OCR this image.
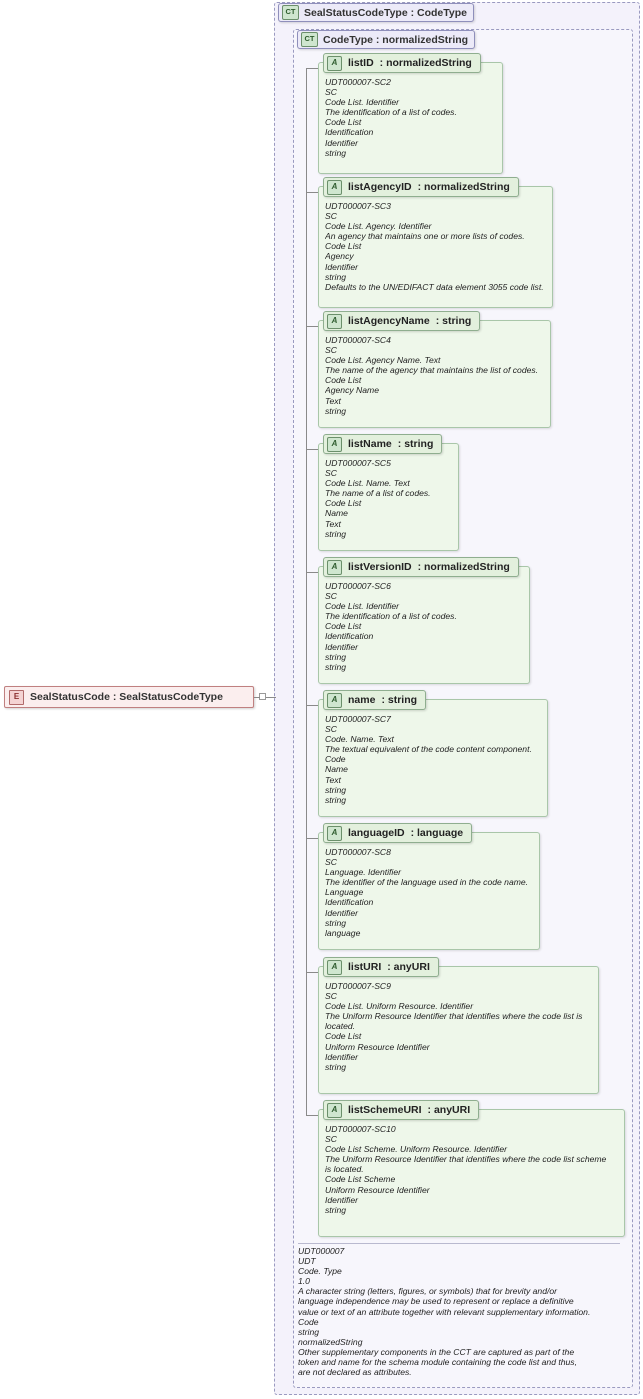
CT SealStatusCodeType : CodeType
CT CodeType : normalizedString
E	SealStatusCode : SealStatusCodeType
A	listID : normalizedString
UDT000007-SC2
SC
Code List. Identifier
The identification of a list of codes.
Code List
Identification
Identifier
string
A	listAgencyID : normalizedString
UDT000007-SC3
SC
Code List. Agency. Identifier
An agency that maintains one or more lists of codes.
Code List
Agency
Identifier
string
Defaults to the UN/EDIFACT data element 3055 code list.
A	listAgencyName : string
UDT000007-SC4
SC
Code List. Agency Name. Text
The name of the agency that maintains the list of codes.
Code List
Agency Name
Text
string
A	listName : string
UDT000007-SC5
SC
Code List. Name. Text
The name of a list of codes.
Code List
Name
Text
string
A	listVersionID : normalizedString
UDT000007-SC6
SC
Code List. Identifier
The identification of a list of codes.
Code List
Identification
Identifier
string
string
A	name : string
UDT000007-SC7
SC
Code. Name. Text
The textual equivalent of the code content component.
Code
Name
Text
string
string
A	languageID : language
UDT000007-SC8
SC
Language. Identifier
The identifier of the language used in the code name.
Language
Identification
Identifier
string
language
A	listURI : anyURI
UDT000007-SC9
SC
Code List. Uniform Resource. Identifier
The Uniform Resource Identifier that identifies where the code list is
located.
Code List
Uniform Resource Identifier
Identifier
string
A	listSchemeURI : anyURI
UDT000007-SC10
SC
Code List Scheme. Uniform Resource. Identifier
The Uniform Resource Identifier that identifies where the code list scheme
is located.
Code List Scheme
Uniform Resource Identifier
Identifier
string
UDT000007
UDT
Code. Type
1.0
A character string (letters, figures, or symbols) that for brevity and/or
language independence may be used to represent or replace a definitive
value or text of an attribute together with relevant supplementary information.
Code
string
normalizedString
Other supplementary components in the CCT are captured as part of the
token and name for the schema module containing the code list and thus,
are not declared as attributes.
